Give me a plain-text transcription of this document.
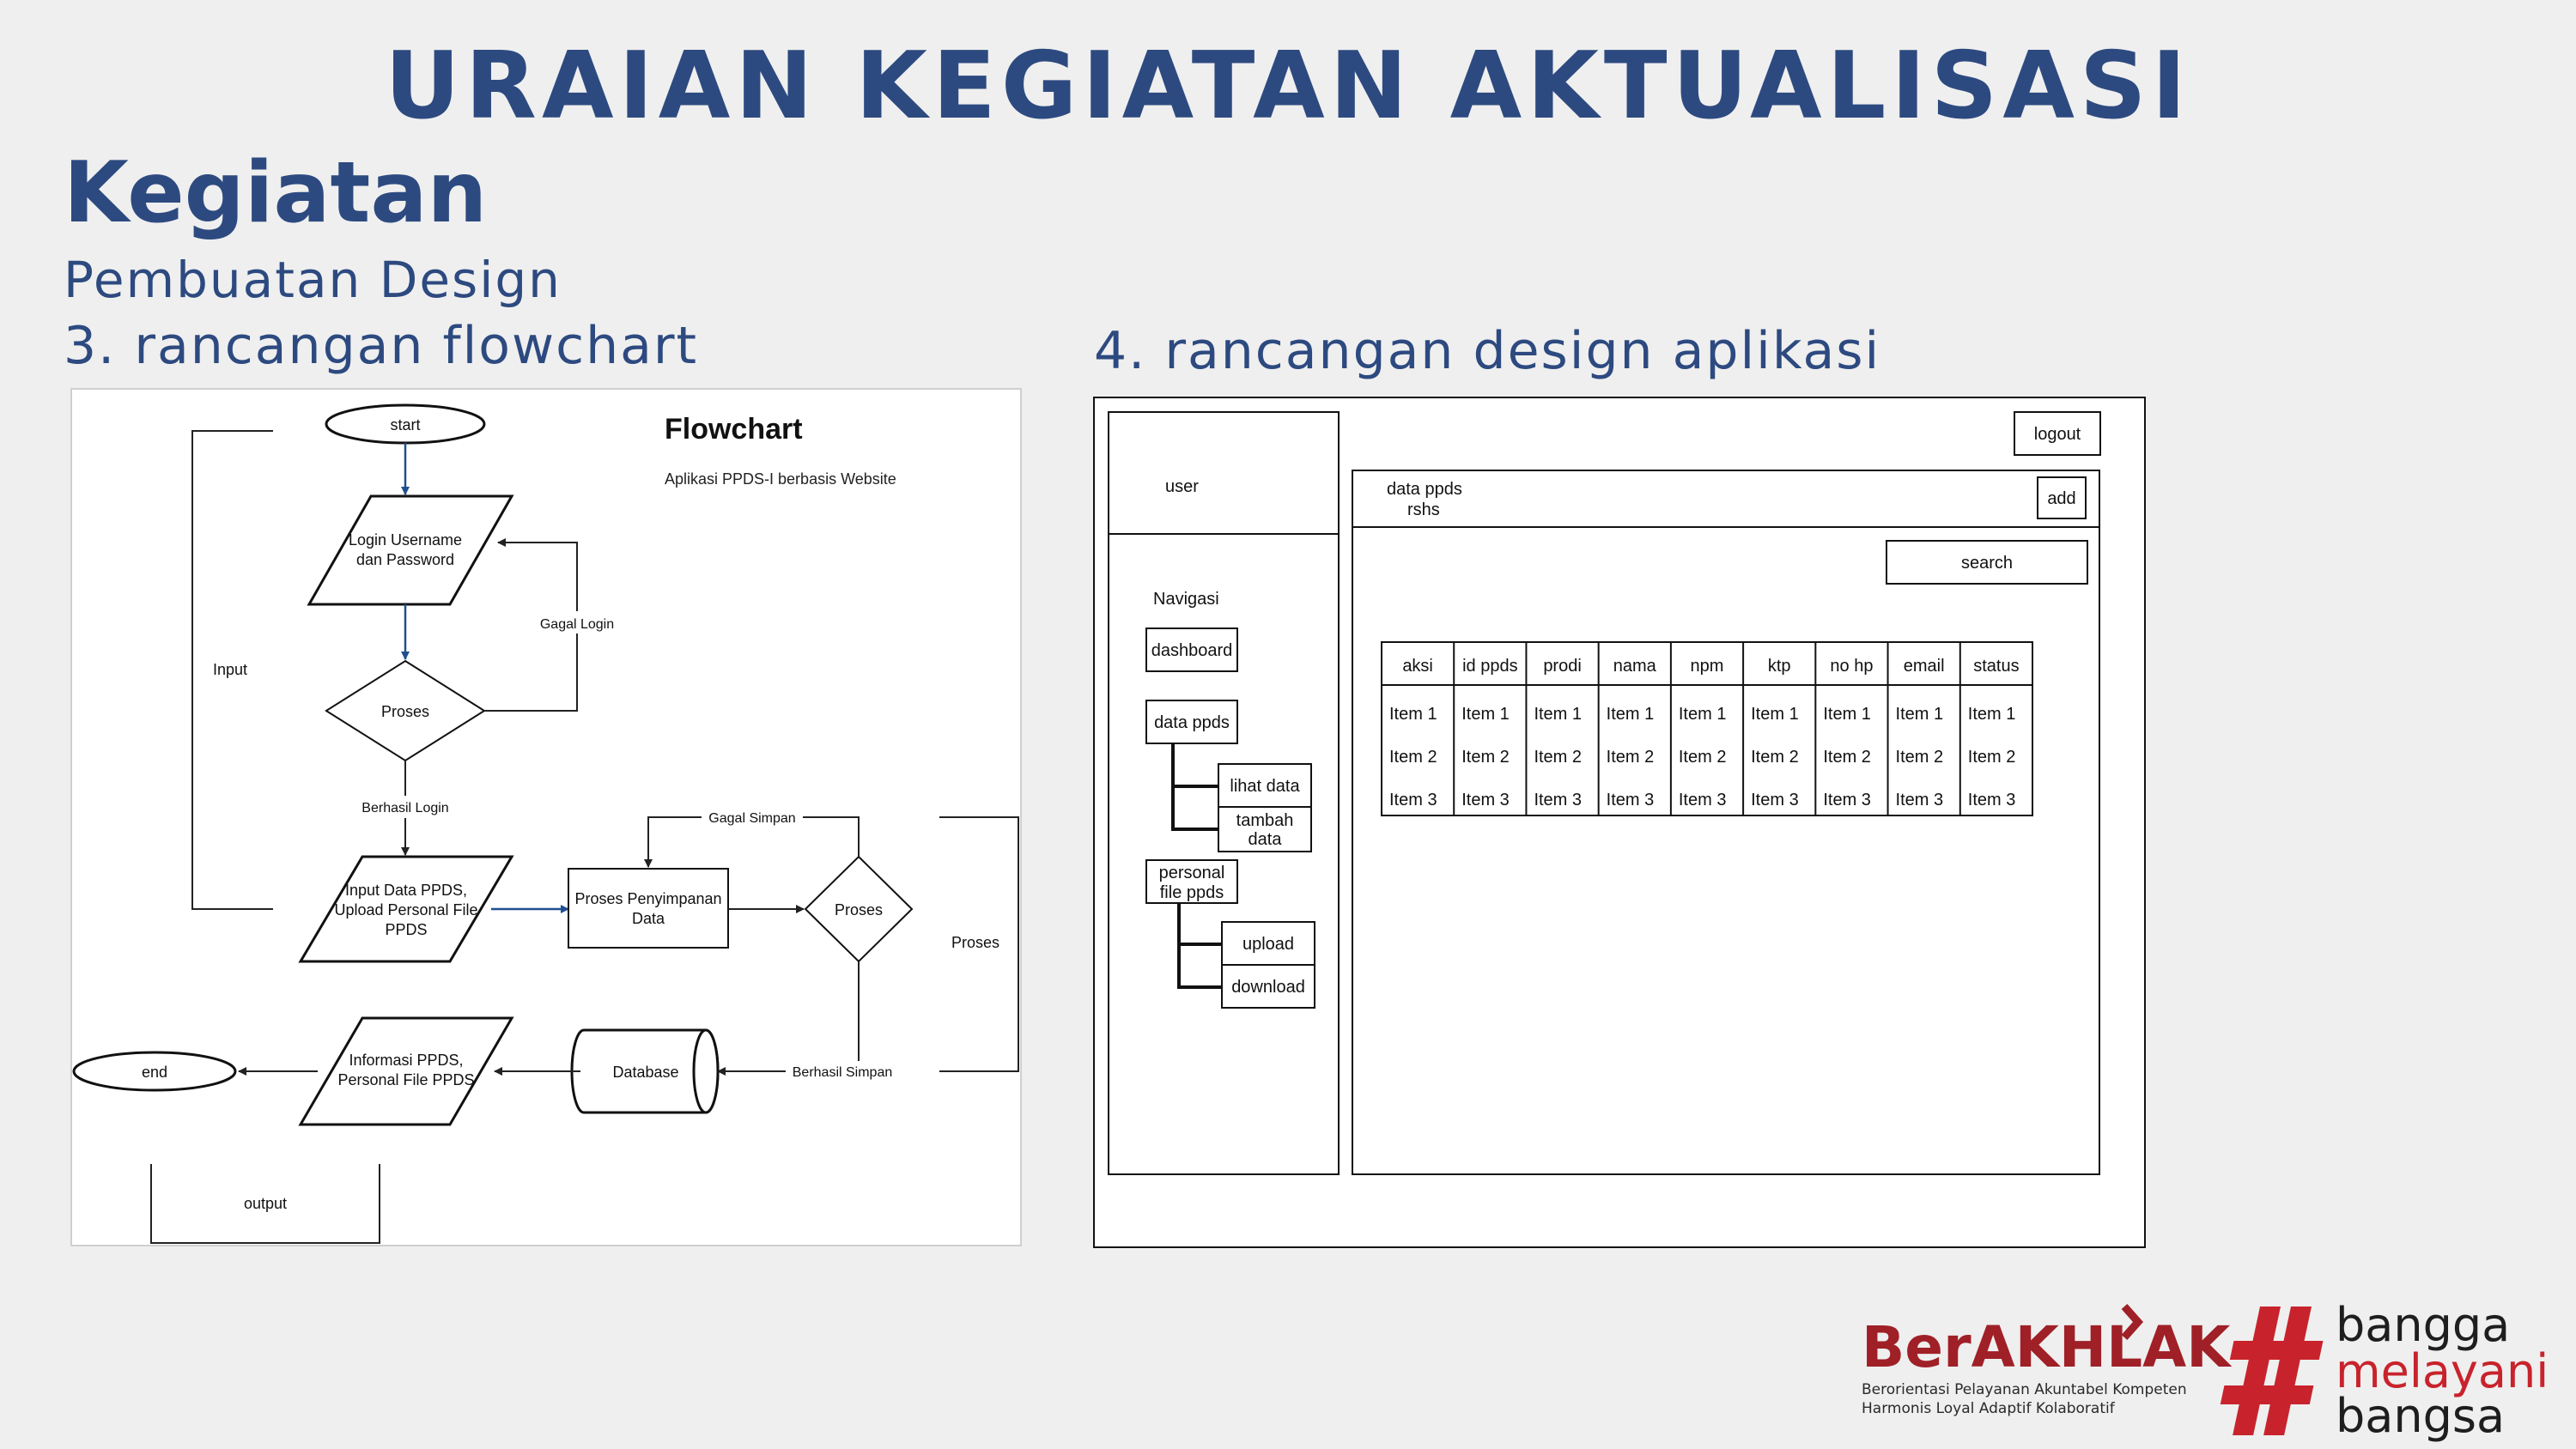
URAIAN KEGIATAN AKTUALISASI
Kegiatan
Pembuatan Design
3. rancangan flowchart	4. rancangan design aplikasi
Flowchart
Aplikasi PPDS-I berbasis Website
start
Login Username
dan Password
Proses
Gagal Login
Berhasil Login
Input
Input Data PPDS,
Upload Personal File
PPDS
Proses Penyimpanan
Data	Proses
Gagal Simpan
Berhasil Simpan
Proses
Database
Informasi PPDS,
Personal File PPDS
end
output
user
Navigasi
dashboard
data ppds
lihat data
tambah
data
personal
file ppds
upload
download
logout
data ppds
rshs
add
search
aksi
Item 1
Item 2
Item 3
id ppds
Item 1
Item 2
Item 3
prodi
Item 1
Item 2
Item 3
nama
Item 1
Item 2
Item 3
npm
Item 1
Item 2
Item 3
ktp
Item 1
Item 2
Item 3
no hp
Item 1
Item 2
Item 3
email
Item 1
Item 2
Item 3
status
Item 1
Item 2
Item 3
BerAKHLAK
Berorientasi Pelayanan Akuntabel Kompeten
Harmonis Loyal Adaptif Kolaboratif
bangga
melayani
bangsa
